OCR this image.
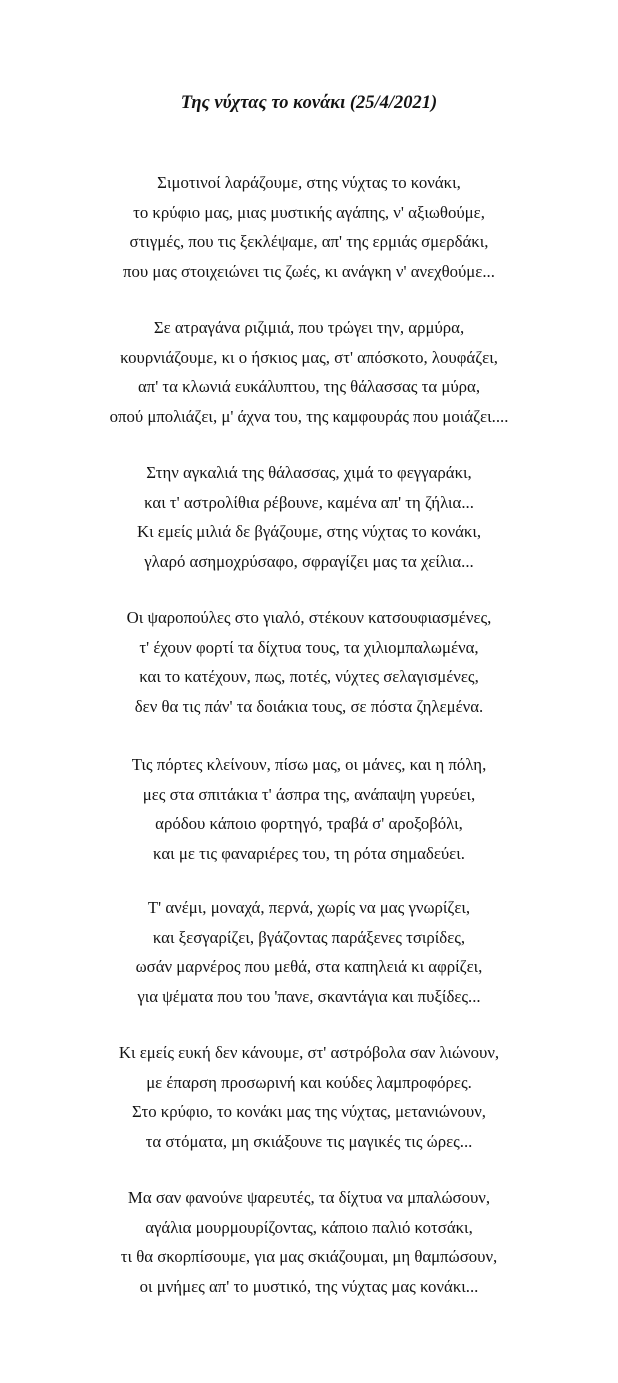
Της νύχτας το κονάκι (25/4/2021)

Σιμοτινοί λαράζουμε, στης νύχτας το κονάκι,
το κρύφιο μας, μιας μυστικής αγάπης, ν' αξιωθούμε,
στιγμές, που τις ξεκλέψαμε, απ' της ερμιάς σμερδάκι,
που μας στοιχειώνει τις ζωές, κι ανάγκη ν' ανεχθούμε...

Σε ατραγάνα ριζιμιά, που τρώγει την, αρμύρα,
κουρνιάζουμε, κι ο ήσκιος μας, στ' απόσκοτο, λουφάζει,
απ' τα κλωνιά ευκάλυπτου, της θάλασσας τα μύρα,
οπού μπολιάζει, μ' άχνα του, της καμφουράς που μοιάζει....

Στην αγκαλιά της θάλασσας, χιμά το φεγγαράκι,
και τ' αστρολίθια ρέβουνε, καμένα απ' τη ζήλια...
Κι εμείς μιλιά δε βγάζουμε, στης νύχτας το κονάκι,
γλαρό ασημοχρύσαφο, σφραγίζει μας τα χείλια...

Οι ψαροπούλες στο γιαλό, στέκουν κατσουφιασμένες,
τ' έχουν φορτί τα δίχτυα τους, τα χιλιομπαλωμένα,
και το κατέχουν, πως, ποτές, νύχτες σελαγισμένες,
δεν θα τις πάν' τα δοιάκια τους, σε πόστα ζηλεμένα.

Τις πόρτες κλείνουν, πίσω μας, οι μάνες, και η πόλη,
μες στα σπιτάκια τ' άσπρα της, ανάπαψη γυρεύει,
αρόδου κάποιο φορτηγό, τραβά σ' αροξοβόλι,
και με τις φαναριέρες του, τη ρότα σημαδεύει.

Τ' ανέμι, μοναχά, περνά, χωρίς να μας γνωρίζει,
και ξεσγαρίζει, βγάζοντας παράξενες τσιρίδες,
ωσάν μαρνέρος που μεθά, στα καπηλειά κι αφρίζει,
για ψέματα που του 'πανε, σκαντάγια και πυξίδες...

Κι εμείς ευκή δεν κάνουμε, στ' αστρόβολα σαν λιώνουν,
με έπαρση προσωρινή και κούδες λαμπροφόρες.
Στο κρύφιο, το κονάκι μας της νύχτας, μετανιώνουν,
τα στόματα, μη σκιάξουνε τις μαγικές τις ώρες...

Μα σαν φανούνε ψαρευτές, τα δίχτυα να μπαλώσουν,
αγάλια μουρμουρίζοντας, κάποιο παλιό κοτσάκι,
τι θα σκορπίσουμε, για μας σκιάζουμαι, μη θαμπώσουν,
οι μνήμες απ' το μυστικό, της νύχτας μας κονάκι...
